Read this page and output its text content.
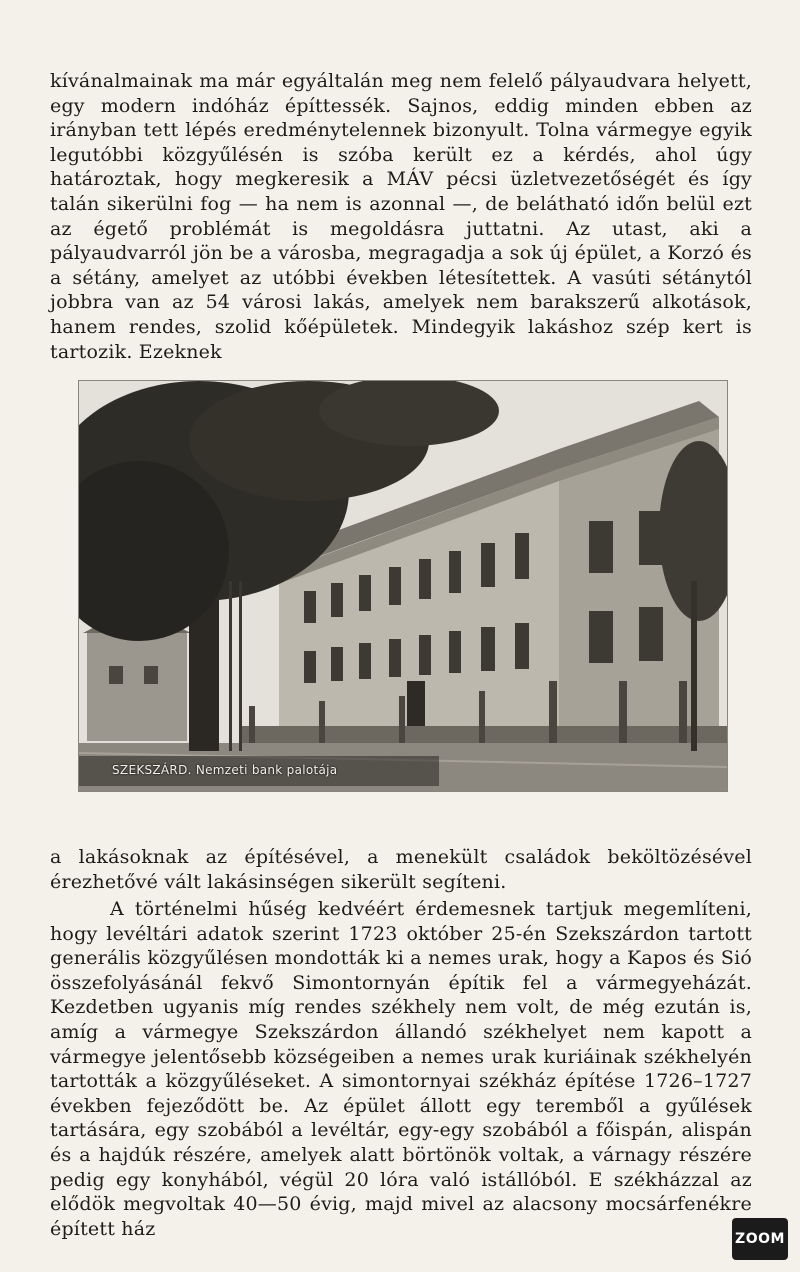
kívánalmainak ma már egyáltalán meg nem felelő pályaudvara helyett, egy modern indóház építtessék. Sajnos, eddig minden ebben az irányban tett lépés eredménytelennek bizonyult. Tolna vármegye egyik legutóbbi közgyűlésén is szóba került ez a kérdés, ahol úgy határoztak, hogy megkeresik a MÁV pécsi üzletvezetőségét és így talán sikerülni fog — ha nem is azonnal —, de belátható időn belül ezt az égető problémát is megoldásra juttatni. Az utast, aki a pályaudvarról jön be a városba, megragadja a sok új épület, a Korzó és a sétány, amelyet az utóbbi években létesítettek. A vasúti sétánytól jobbra van az 54 városi lakás, amelyek nem barakszerű alkotások, hanem rendes, szolid kőépületek. Mindegyik lakáshoz szép kert is tartozik. Ezeknek

SZEKSZÁRD. Nemzeti bank palotája

a lakásoknak az építésével, a menekült családok beköltözésével érezhetővé vált lakásinségen sikerült segíteni.

A történelmi hűség kedvéért érdemesnek tartjuk megemlíteni, hogy levéltári adatok szerint 1723 október 25-én Szekszárdon tartott generális közgyűlésen mondották ki a nemes urak, hogy a Kapos és Sió összefolyásánál fekvő Simontornyán építik fel a vármegyeházát. Kezdetben ugyanis míg rendes székhely nem volt, de még ezután is, amíg a vármegye Szekszárdon állandó székhelyet nem kapott a vármegye jelentősebb községeiben a nemes urak kuriáinak székhelyén tartották a közgyűléseket. A simontornyai székház építése 1726–1727 években fejeződött be. Az épület állott egy teremből a gyűlések tartására, egy szobából a levéltár, egy-egy szobából a főispán, alispán és a hajdúk részére, amelyek alatt börtönök voltak, a várnagy részére pedig egy konyhából, végül 20 lóra való istállóból. E székházzal az elődök megvoltak 40—50 évig, majd mivel az alacsony mocsárfenékre épített ház	ZOOM
